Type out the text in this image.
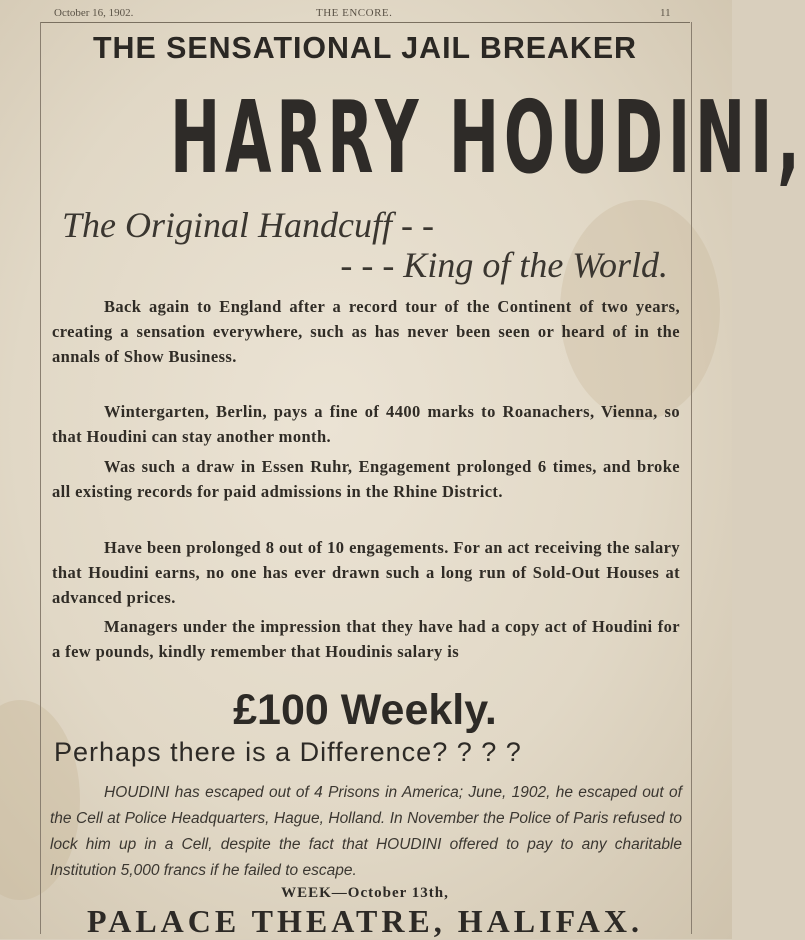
October 16, 1902.	THE ENCORE.	11
THE SENSATIONAL JAIL BREAKER
HARRY HOUDINI,
The Original Handcuff - -
- - - King of the World.
Back again to England after a record tour of the Continent of two years, creating a sensation everywhere, such as has never been seen or heard of in the annals of Show Business.
Wintergarten, Berlin, pays a fine of 4400 marks to Roanachers, Vienna, so that Houdini can stay another month.
Was such a draw in Essen Ruhr, Engagement prolonged 6 times, and broke all existing records for paid admissions in the Rhine District.
Have been prolonged 8 out of 10 engagements. For an act receiving the salary that Houdini earns, no one has ever drawn such a long run of Sold-Out Houses at advanced prices.
Managers under the impression that they have had a copy act of Houdini for a few pounds, kindly remember that Houdinis salary is
£100 Weekly.
Perhaps there is a Difference? ? ? ?
HOUDINI has escaped out of 4 Prisons in America; June, 1902, he escaped out of the Cell at Police Headquarters, Hague, Holland. In November the Police of Paris refused to lock him up in a Cell, despite the fact that HOUDINI offered to pay to any charitable Institution 5,000 francs if he failed to escape.
WEEK—October 13th,
PALACE THEATRE, HALIFAX.
